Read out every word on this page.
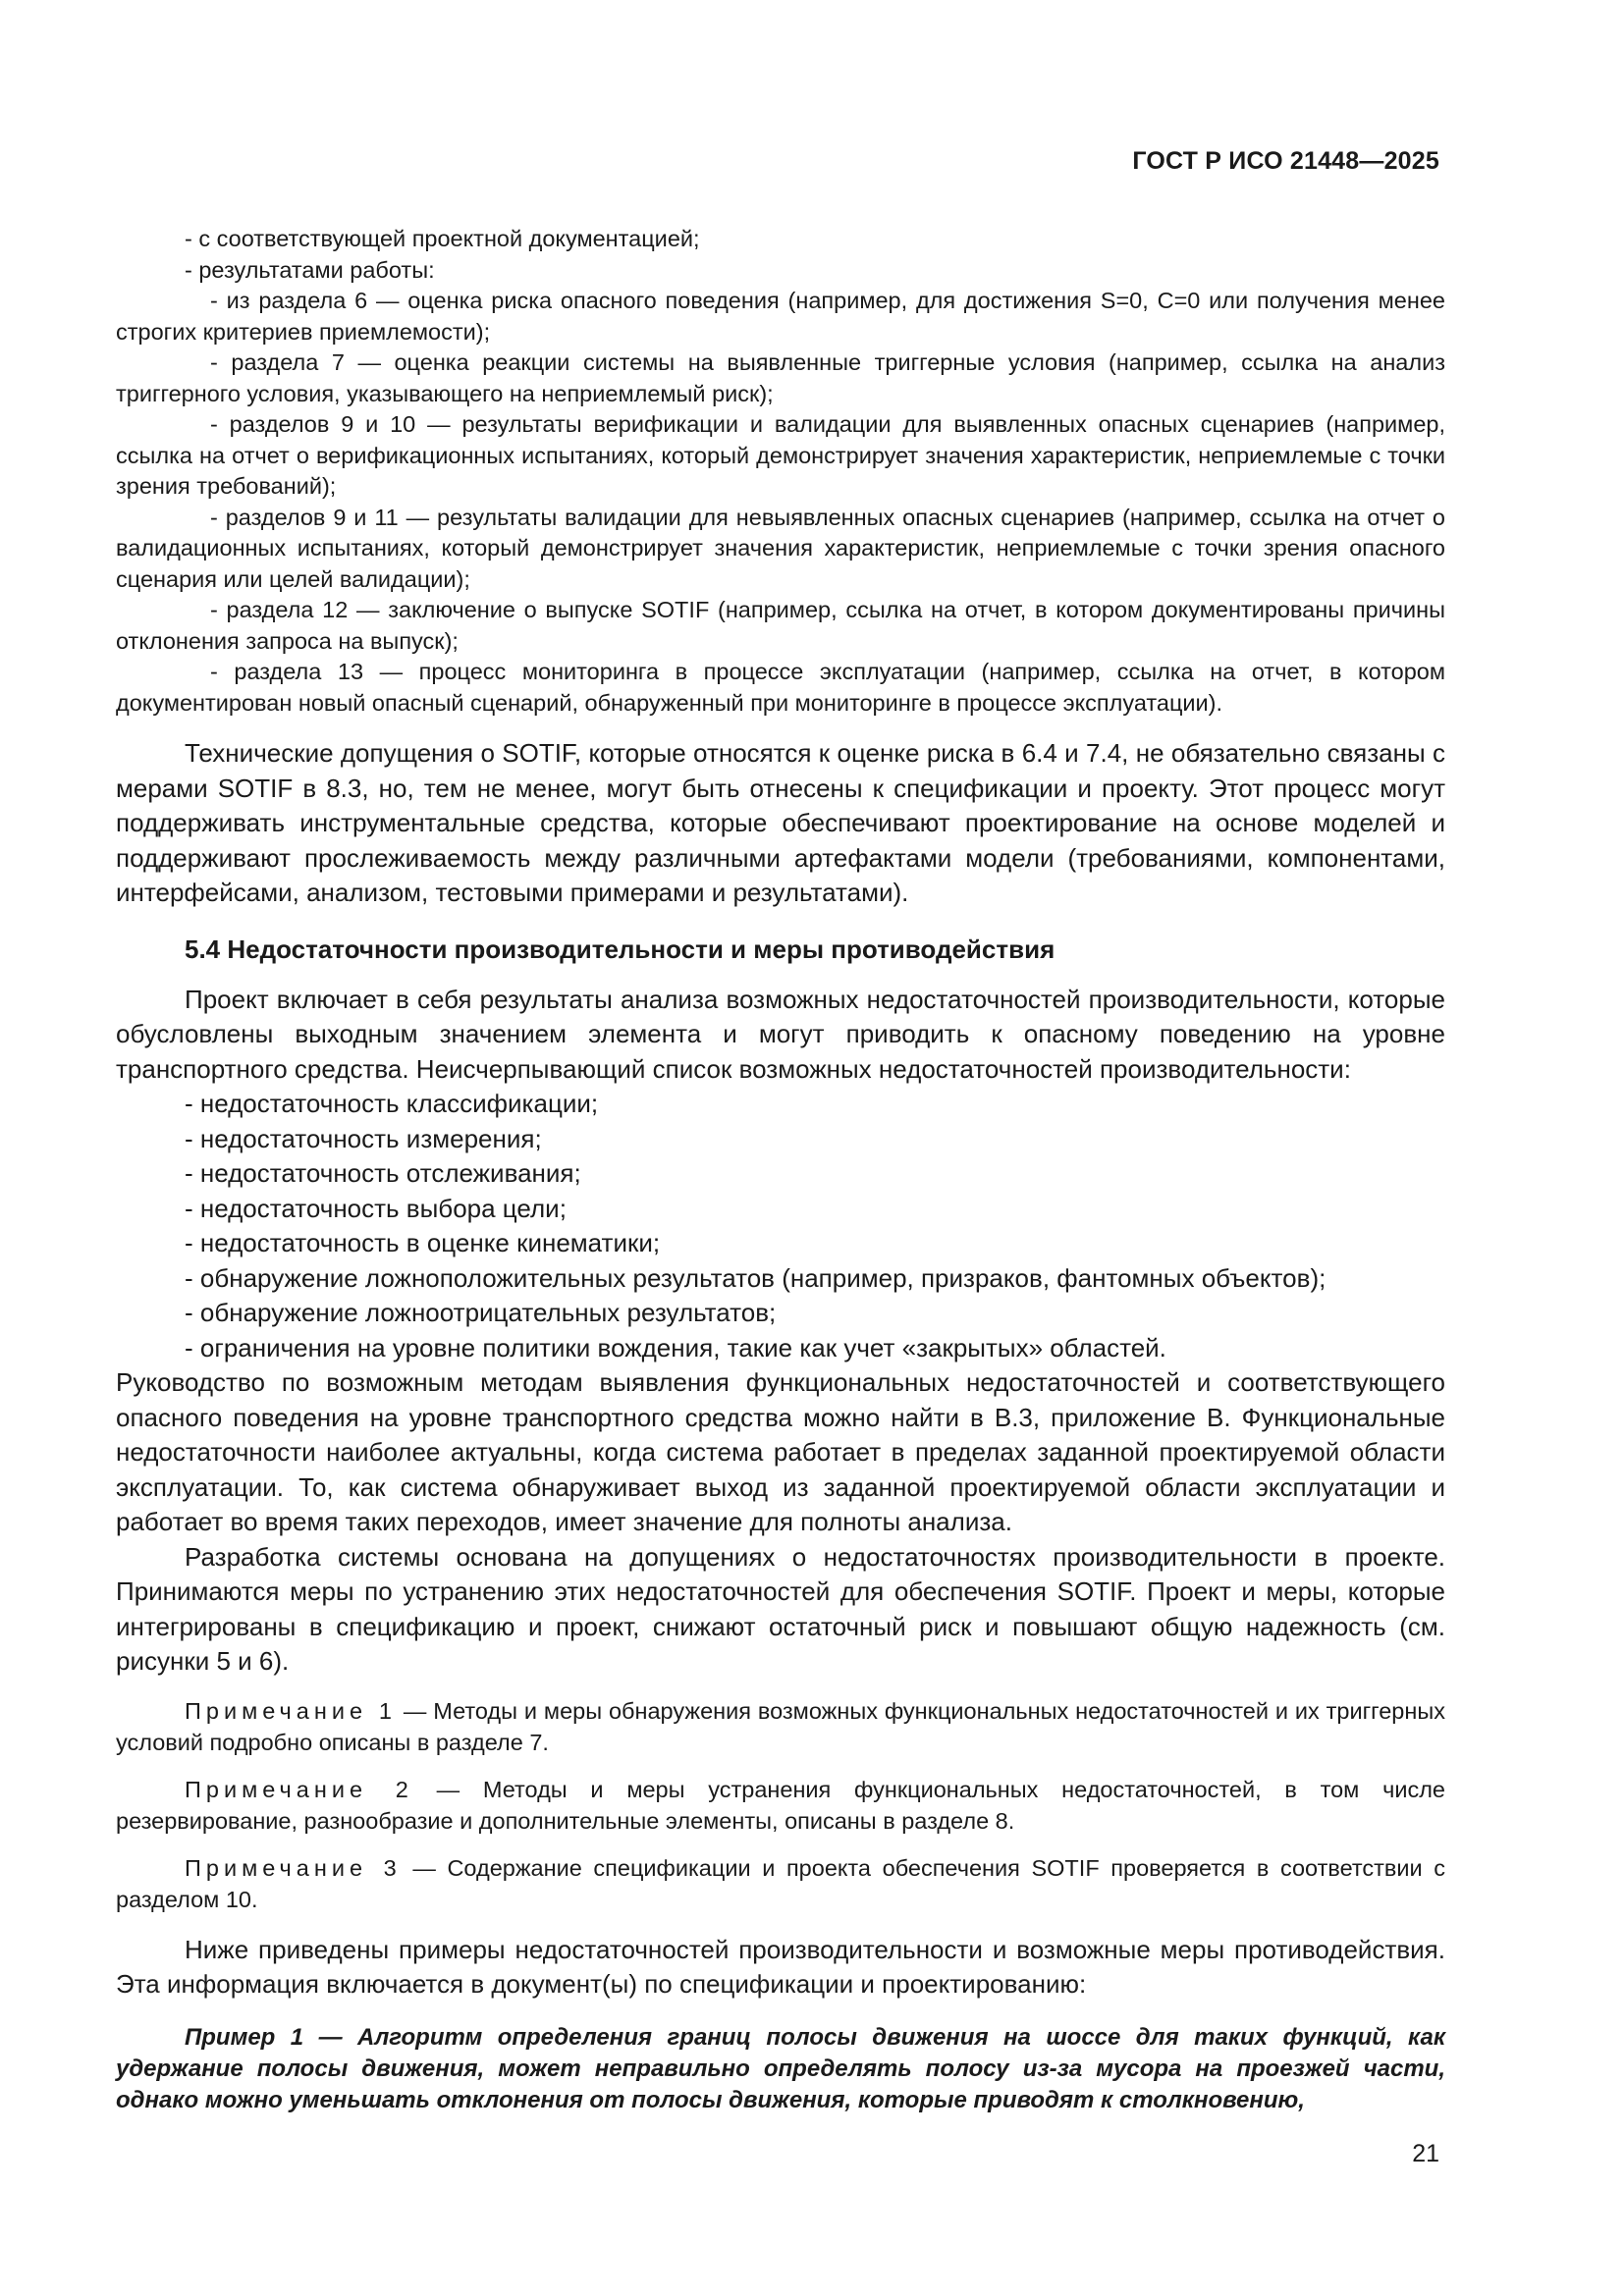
ГОСТ Р ИСО 21448—2025

- с соответствующей проектной документацией;

- результатами работы:

- из раздела 6 — оценка риска опасного поведения (например, для достижения S=0, C=0 или получения менее строгих критериев приемлемости);

- раздела 7 — оценка реакции системы на выявленные триггерные условия (например, ссылка на анализ триггерного условия, указывающего на неприемлемый риск);

- разделов 9 и 10 — результаты верификации и валидации для выявленных опасных сценариев (например, ссылка на отчет о верификационных испытаниях, который демонстрирует значения характеристик, неприемлемые с точки зрения требований);

- разделов 9 и 11 — результаты валидации для невыявленных опасных сценариев (например, ссылка на отчет о валидационных испытаниях, который демонстрирует значения характеристик, неприемлемые с точки зрения опасного сценария или целей валидации);

- раздела 12 — заключение о выпуске SOTIF (например, ссылка на отчет, в котором документированы причины отклонения запроса на выпуск);

- раздела 13 — процесс мониторинга в процессе эксплуатации (например, ссылка на отчет, в котором документирован новый опасный сценарий, обнаруженный при мониторинге в процессе эксплуатации).

Технические допущения о SOTIF, которые относятся к оценке риска в 6.4 и 7.4, не обязательно связаны с мерами SOTIF в 8.3, но, тем не менее, могут быть отнесены к спецификации и проекту. Этот процесс могут поддерживать инструментальные средства, которые обеспечивают проектирование на основе моделей и поддерживают прослеживаемость между различными артефактами модели (требованиями, компонентами, интерфейсами, анализом, тестовыми примерами и результатами).

5.4 Недостаточности производительности и меры противодействия

Проект включает в себя результаты анализа возможных недостаточностей производительности, которые обусловлены выходным значением элемента и могут приводить к опасному поведению на уровне транспортного средства. Неисчерпывающий список возможных недостаточностей производительности:

- недостаточность классификации;

- недостаточность измерения;

- недостаточность отслеживания;

- недостаточность выбора цели;

- недостаточность в оценке кинематики;

- обнаружение ложноположительных результатов (например, призраков, фантомных объектов);

- обнаружение ложноотрицательных результатов;

- ограничения на уровне политики вождения, такие как учет «закрытых» областей.

Руководство по возможным методам выявления функциональных недостаточностей и соответствующего опасного поведения на уровне транспортного средства можно найти в B.3, приложение B. Функциональные недостаточности наиболее актуальны, когда система работает в пределах заданной проектируемой области эксплуатации. То, как система обнаруживает выход из заданной проектируемой области эксплуатации и работает во время таких переходов, имеет значение для полноты анализа.

Разработка системы основана на допущениях о недостаточностях производительности в проекте. Принимаются меры по устранению этих недостаточностей для обеспечения SOTIF. Проект и меры, которые интегрированы в спецификацию и проект, снижают остаточный риск и повышают общую надежность (см. рисунки 5 и 6).

Примечание 1 — Методы и меры обнаружения возможных функциональных недостаточностей и их триггерных условий подробно описаны в разделе 7.

Примечание 2 — Методы и меры устранения функциональных недостаточностей, в том числе резервирование, разнообразие и дополнительные элементы, описаны в разделе 8.

Примечание 3 — Содержание спецификации и проекта обеспечения SOTIF проверяется в соответствии с разделом 10.

Ниже приведены примеры недостаточностей производительности и возможные меры противодействия. Эта информация включается в документ(ы) по спецификации и проектированию:

Пример 1 — Алгоритм определения границ полосы движения на шоссе для таких функций, как удержание полосы движения, может неправильно определять полосу из-за мусора на проезжей части, однако можно уменьшать отклонения от полосы движения, которые приводят к столкновению,

21
